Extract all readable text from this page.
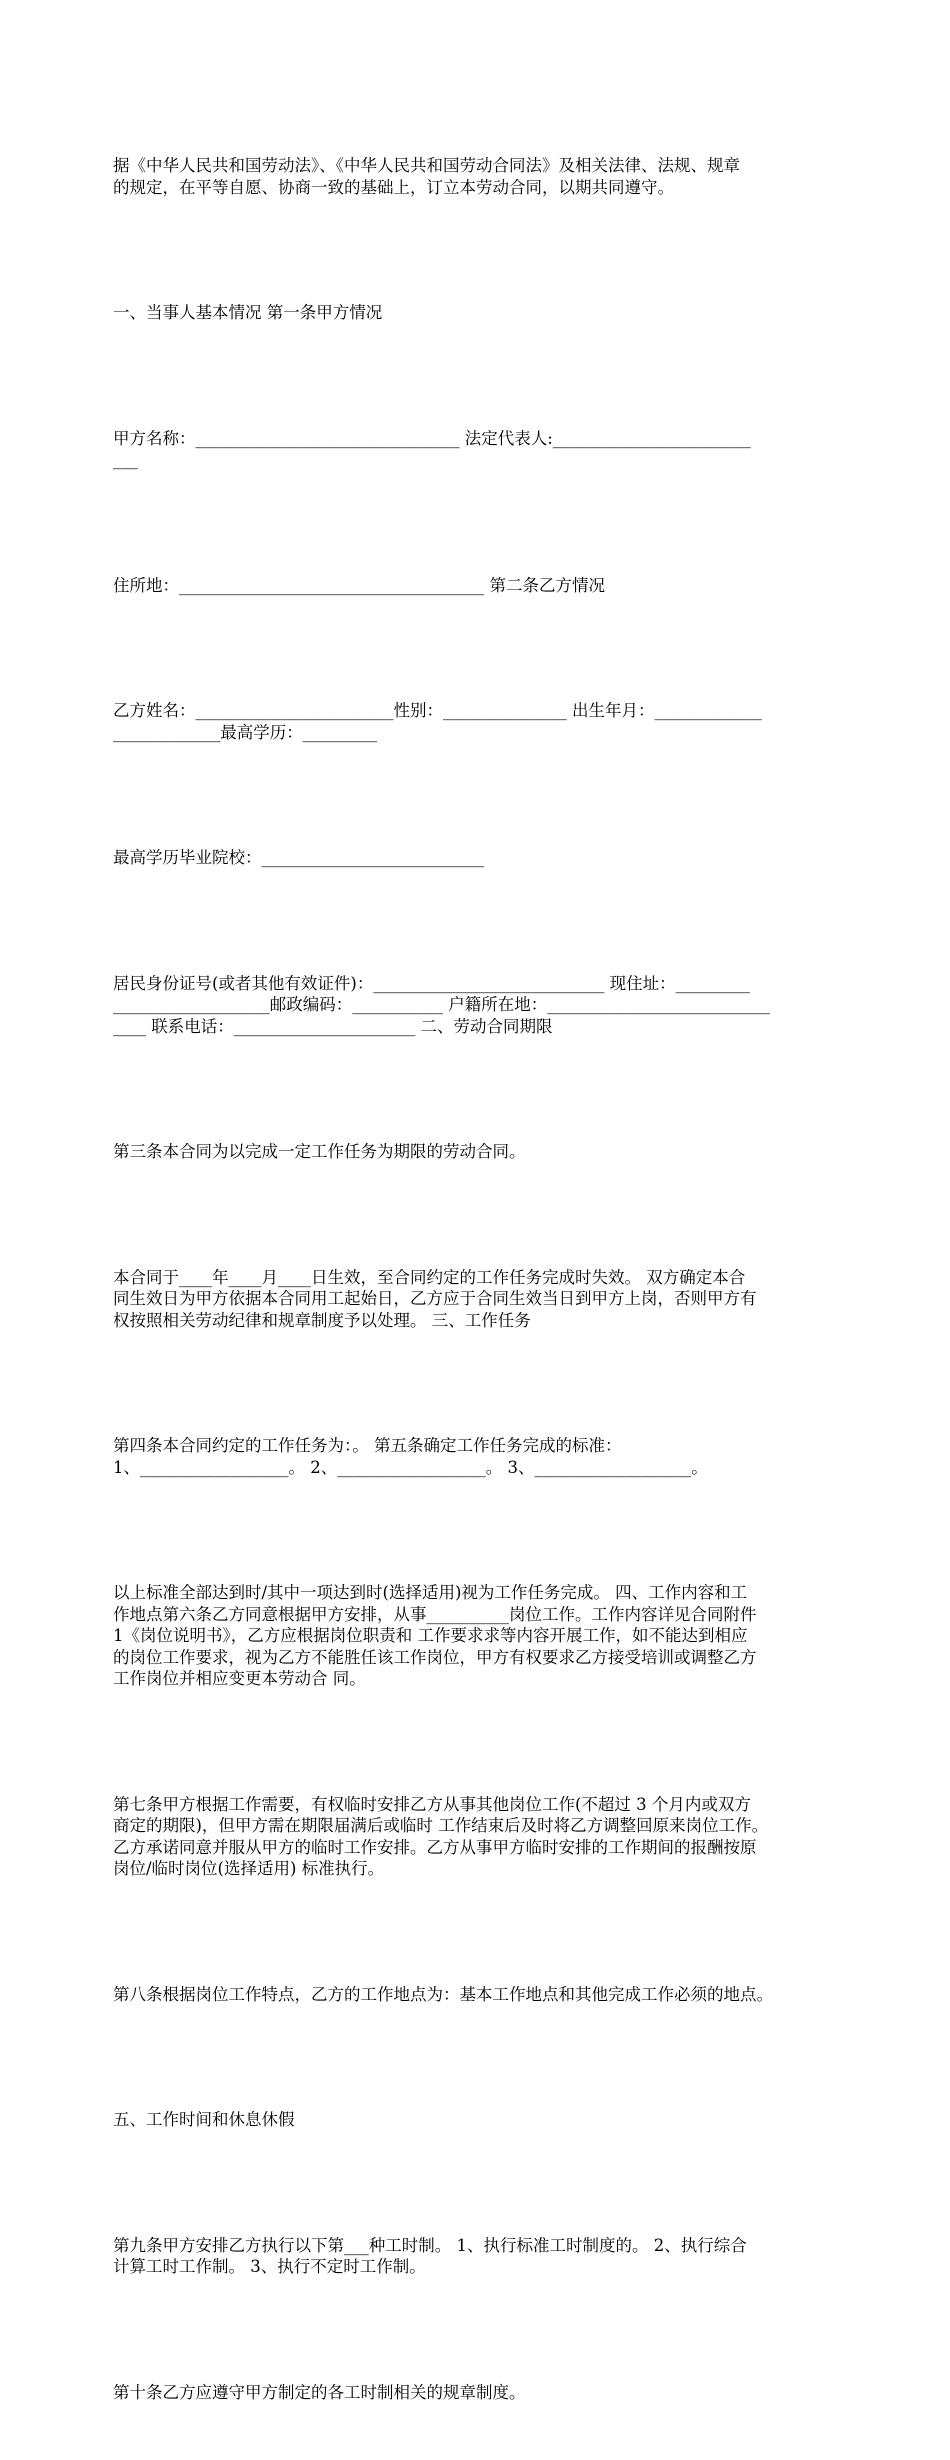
据《中华人民共和国劳动法》、《中华人民共和国劳动合同法》及相关法律、法规、规章
的规定，在平等自愿、协商一致的基础上，订立本劳动合同，以期共同遵守。

一、当事人基本情况 第一条甲方情况

甲方名称：________________________________ 法定代表人:________________________
___

住所地：_____________________________________ 第二条乙方情况

乙方姓名：________________________性别：_______________ 出生年月：_____________
_____________最高学历：_________

最高学历毕业院校：___________________________

居民身份证号(或者其他有效证件)：____________________________ 现住址：_________
___________________邮政编码：___________ 户籍所在地：___________________________
____ 联系电话：______________________ 二、劳动合同期限

第三条本合同为以完成一定工作任务为期限的劳动合同。

本合同于____年____月____日生效，至合同约定的工作任务完成时失效。 双方确定本合
同生效日为甲方依据本合同用工起始日，乙方应于合同生效当日到甲方上岗，否则甲方有
权按照相关劳动纪律和规章制度予以处理。 三、工作任务

第四条本合同约定的工作任务为：。 第五条确定工作任务完成的标准：
1、__________________。 2、__________________。 3、___________________。

以上标准全部达到时/其中一项达到时(选择适用)视为工作任务完成。 四、工作内容和工
作地点第六条乙方同意根据甲方安排，从事__________岗位工作。工作内容详见合同附件
1《岗位说明书》，乙方应根据岗位职责和 工作要求求等内容开展工作，如不能达到相应
的岗位工作要求，视为乙方不能胜任该工作岗位，甲方有权要求乙方接受培训或调整乙方
工作岗位并相应变更本劳动合 同。

第七条甲方根据工作需要，有权临时安排乙方从事其他岗位工作(不超过 3 个月内或双方
商定的期限)，但甲方需在期限届满后或临时 工作结束后及时将乙方调整回原来岗位工作。
乙方承诺同意并服从甲方的临时工作安排。乙方从事甲方临时安排的工作期间的报酬按原
岗位/临时岗位(选择适用) 标准执行。

第八条根据岗位工作特点，乙方的工作地点为：基本工作地点和其他完成工作必须的地点。

五、工作时间和休息休假

第九条甲方安排乙方执行以下第___种工时制。 1、执行标准工时制度的。 2、执行综合
计算工时工作制。 3、执行不定时工作制。

第十条乙方应遵守甲方制定的各工时制相关的规章制度。
